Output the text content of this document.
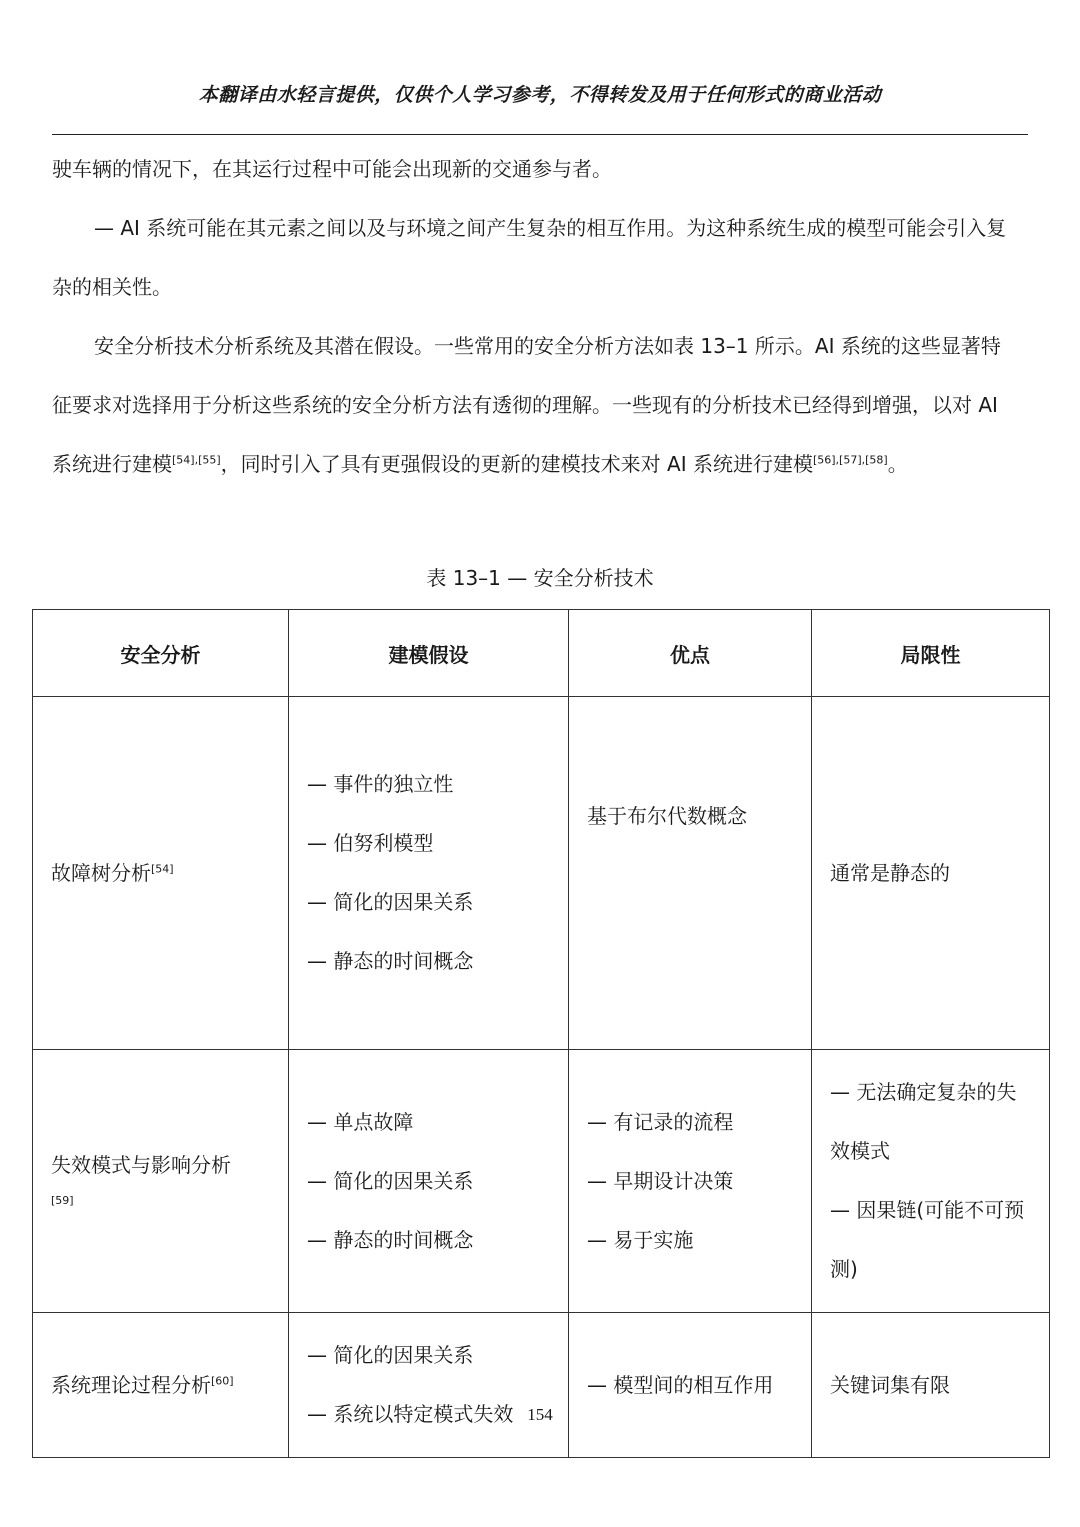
本翻译由水轻言提供，仅供个人学习参考，不得转发及用于任何形式的商业活动

驶车辆的情况下，在其运行过程中可能会出现新的交通参与者。

— AI 系统可能在其元素之间以及与环境之间产生复杂的相互作用。为这种系统生成的模型可能会引入复杂的相关性。

安全分析技术分析系统及其潜在假设。一些常用的安全分析方法如表 13–1 所示。AI 系统的这些显著特征要求对选择用于分析这些系统的安全分析方法有透彻的理解。一些现有的分析技术已经得到增强，以对 AI 系统进行建模[54],[55]，同时引入了具有更强假设的更新的建模技术来对 AI 系统进行建模[56],[57],[58]。

表 13–1 — 安全分析技术
安全分析	建模假设	优点	局限性
故障树分析[54]	— 事件的独立性
— 伯努利模型
— 简化的因果关系
— 静态的时间概念	基于布尔代数概念	通常是静态的

失效模式与影响分析
[59]	— 单点故障
— 简化的因果关系
— 静态的时间概念	— 有记录的流程
— 早期设计决策
— 易于实施	— 无法确定复杂的失效模式
— 因果链(可能不可预测)

系统理论过程分析[60]	— 简化的因果关系
— 系统以特定模式失效	— 模型间的相互作用	关键词集有限
154
